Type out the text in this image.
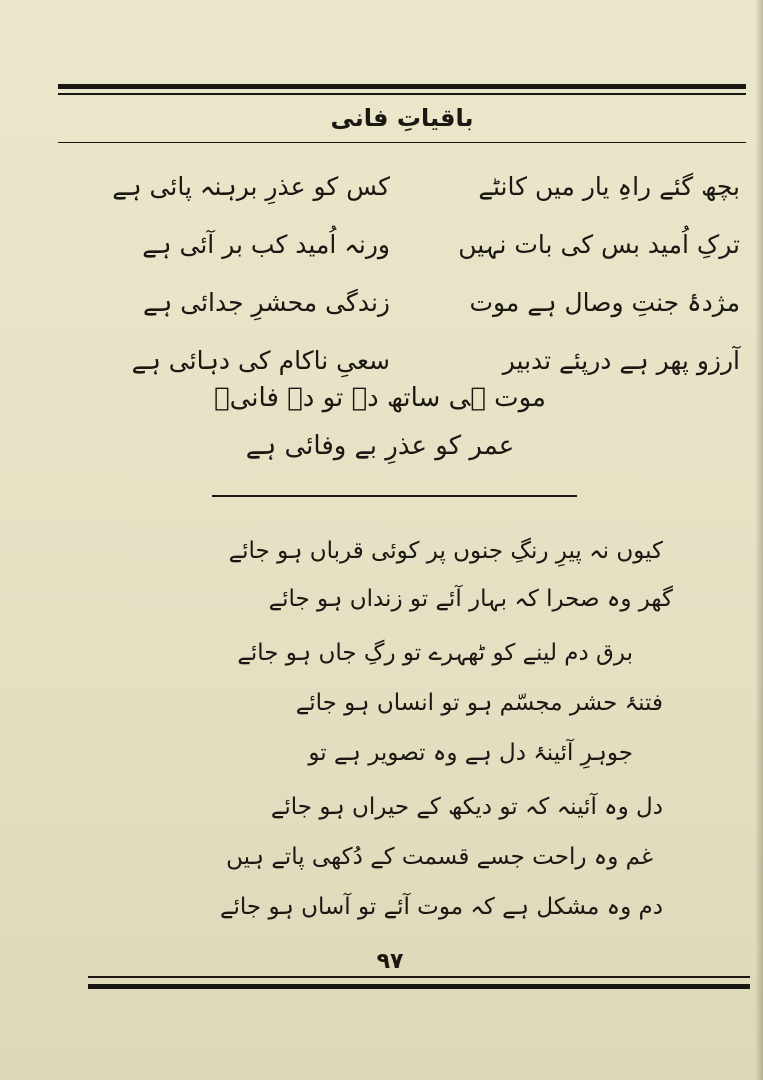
باقیاتِ فانی
بچھ گئے راہِ یار میں کانٹے
کس کو عذرِ برہنہ پائی ہے
ترکِ اُمید بس کی بات نہیں
ورنہ اُمید کب بر آئی ہے
مژدۂ جنتِ وصال ہے موت
زندگی محشرِ جدائی ہے
آرزو پھر ہے درپئے تدبیر
سعیِ ناکام کی دہائی ہے
موت ہی ساتھ دے تو دے فانیؔ
عمر کو عذرِ بے وفائی ہے
کیوں نہ پیرِ رنگِ جنوں پر کوئی قرباں ہو جائے
گھر وہ صحرا کہ بہار آئے تو زنداں ہو جائے
برق دم لینے کو ٹھہرے تو رگِ جاں ہو جائے
فتنۂ حشر مجسّم ہو تو انساں ہو جائے
جوہرِ آئینۂ دل ہے وہ تصویر ہے تو
دل وہ آئینہ کہ تو دیکھ کے حیراں ہو جائے
غم وہ راحت جسے قسمت کے دُکھی پاتے ہیں
دم وہ مشکل ہے کہ موت آئے تو آساں ہو جائے
۹۷
